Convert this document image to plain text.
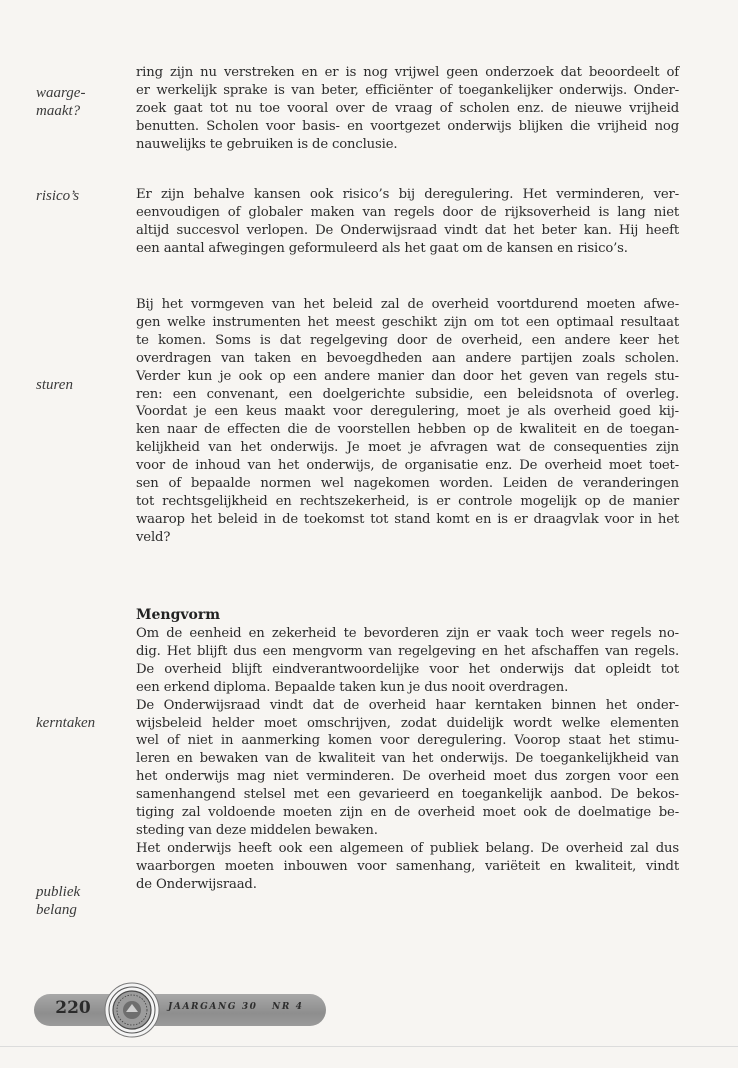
waarge-
maakt?
risico’s
sturen
kerntaken
publiek
belang
ring zijn nu verstreken en er is nog vrijwel geen onderzoek dat beoordeelt of
er werkelijk sprake is van beter, efficiënter of toegankelijker onderwijs. Onder-
zoek gaat tot nu toe vooral over de vraag of scholen enz. de nieuwe vrijheid
benutten. Scholen voor basis- en voortgezet onderwijs blijken die vrijheid nog
nauwelijks te gebruiken is de conclusie.
Er zijn behalve kansen ook risico’s bij deregulering. Het verminderen, ver-
eenvoudigen of globaler maken van regels door de rijksoverheid is lang niet
altijd succesvol verlopen. De Onderwijsraad vindt dat het beter kan. Hij heeft
een aantal afwegingen geformuleerd als het gaat om de kansen en risico’s.
Bij het vormgeven van het beleid zal de overheid voortdurend moeten afwe-
gen welke instrumenten het meest geschikt zijn om tot een optimaal resultaat
te komen. Soms is dat regelgeving door de overheid, een andere keer het
overdragen van taken en bevoegdheden aan andere partijen zoals scholen.
Verder kun je ook op een andere manier dan door het geven van regels stu-
ren: een convenant, een doelgerichte subsidie, een beleidsnota of overleg.
Voordat je een keus maakt voor deregulering, moet je als overheid goed kij-
ken naar de effecten die de voorstellen hebben op de kwaliteit en de toegan-
kelijkheid van het onderwijs. Je moet je afvragen wat de consequenties zijn
voor de inhoud van het onderwijs, de organisatie enz. De overheid moet toet-
sen of bepaalde normen wel nagekomen worden. Leiden de veranderingen
tot rechtsgelijkheid en rechtszekerheid, is er controle mogelijk op de manier
waarop het beleid in de toekomst tot stand komt en is er draagvlak voor in het
veld?
Mengvorm
Om de eenheid en zekerheid te bevorderen zijn er vaak toch weer regels no-
dig. Het blijft dus een mengvorm van regelgeving en het afschaffen van regels.
De overheid blijft eindverantwoordelijke voor het onderwijs dat opleidt tot
een erkend diploma. Bepaalde taken kun je dus nooit overdragen.
De Onderwijsraad vindt dat de overheid haar kerntaken binnen het onder-
wijsbeleid helder moet omschrijven, zodat duidelijk wordt welke elementen
wel of niet in aanmerking komen voor deregulering. Voorop staat het stimu-
leren en bewaken van de kwaliteit van het onderwijs. De toegankelijkheid van
het onderwijs mag niet verminderen. De overheid moet dus zorgen voor een
samenhangend stelsel met een gevarieerd en toegankelijk aanbod. De bekos-
tiging zal voldoende moeten zijn en de overheid moet ook de doelmatige be-
steding van deze middelen bewaken.
Het onderwijs heeft ook een algemeen of publiek belang. De overheid zal dus
waarborgen moeten inbouwen voor samenhang, variëteit en kwaliteit, vindt
de Onderwijsraad.
220	JAARGANG 30 NR 4
